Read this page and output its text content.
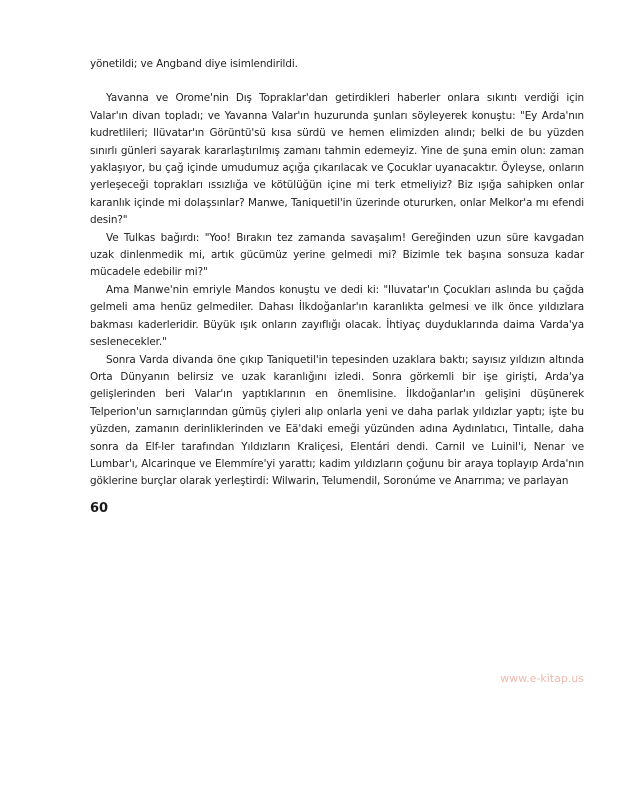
yönetildi; ve Angband diye isimlendirildi.

Yavanna ve Orome'nin Dış Topraklar'dan getirdikleri haberler onlara sıkıntı verdiği için Valar'ın divan topladı; ve Yavanna Valar'ın huzurunda şunları söyleyerek konuştu: "Ey Arda'nın kudretlileri; Ilüvatar'ın Görüntü'sü kısa sürdü ve hemen elimizden alındı; belki de bu yüzden sınırlı günleri sayarak kararlaştırılmış zamanı tahmin edemeyiz. Yine de şuna emin olun: zaman yaklaşıyor, bu çağ içinde umudumuz açığa çıkarılacak ve Çocuklar uyanacaktır. Öyleyse, onların yerleşeceği toprakları ıssızlığa ve kötülüğün içine mi terk etmeliyiz? Biz ışığa sahipken onlar karanlık içinde mi dolaşsınlar? Manwe, Taniquetil'in üzerinde otururken, onlar Melkor'a mı efendi desin?"

Ve Tulkas bağırdı: "Yoo! Bırakın tez zamanda savaşalım! Gereğinden uzun süre kavgadan uzak dinlenmedik mi, artık gücümüz yerine gelmedi mi? Bizimle tek başına sonsuza kadar mücadele edebilir mi?"

Ama Manwe'nin emriyle Mandos konuştu ve dedi ki: "Iluvatar'ın Çocukları aslında bu çağda gelmeli ama henüz gelmediler. Dahası İlkdoğanlar'ın karanlıkta gelmesi ve ilk önce yıldızlara bakması kaderleridir. Büyük ışık onların zayıflığı olacak. İhtiyaç duyduklarında daima Varda'ya seslenecekler."

Sonra Varda divanda öne çıkıp Taniquetil'in tepesinden uzaklara baktı; sayısız yıldızın altında Orta Dünyanın belirsiz ve uzak karanlığını izledi. Sonra görkemli bir işe girişti, Arda'ya gelişlerinden beri Valar'ın yaptıklarının en önemlisine. İlkdoğanlar'ın gelişini düşünerek Telperion'un sarnıçlarından gümüş çiyleri alıp onlarla yeni ve daha parlak yıldızlar yaptı; işte bu yüzden, zamanın derinliklerinden ve Eä'daki emeği yüzünden adına Aydınlatıcı, Tintalle, daha sonra da Elf-ler tarafından Yıldızların Kraliçesi, Elentári dendi. Carnil ve Luinil'i, Nenar ve Lumbar'ı, Alcarinque ve Elemmíre'yi yarattı; kadim yıldızların çoğunu bir araya toplayıp Arda'nın göklerine burçlar olarak yerleştirdi: Wilwarin, Telumendil, Soronúme ve Anarrıma; ve parlayan

60
www.e-kitap.us
